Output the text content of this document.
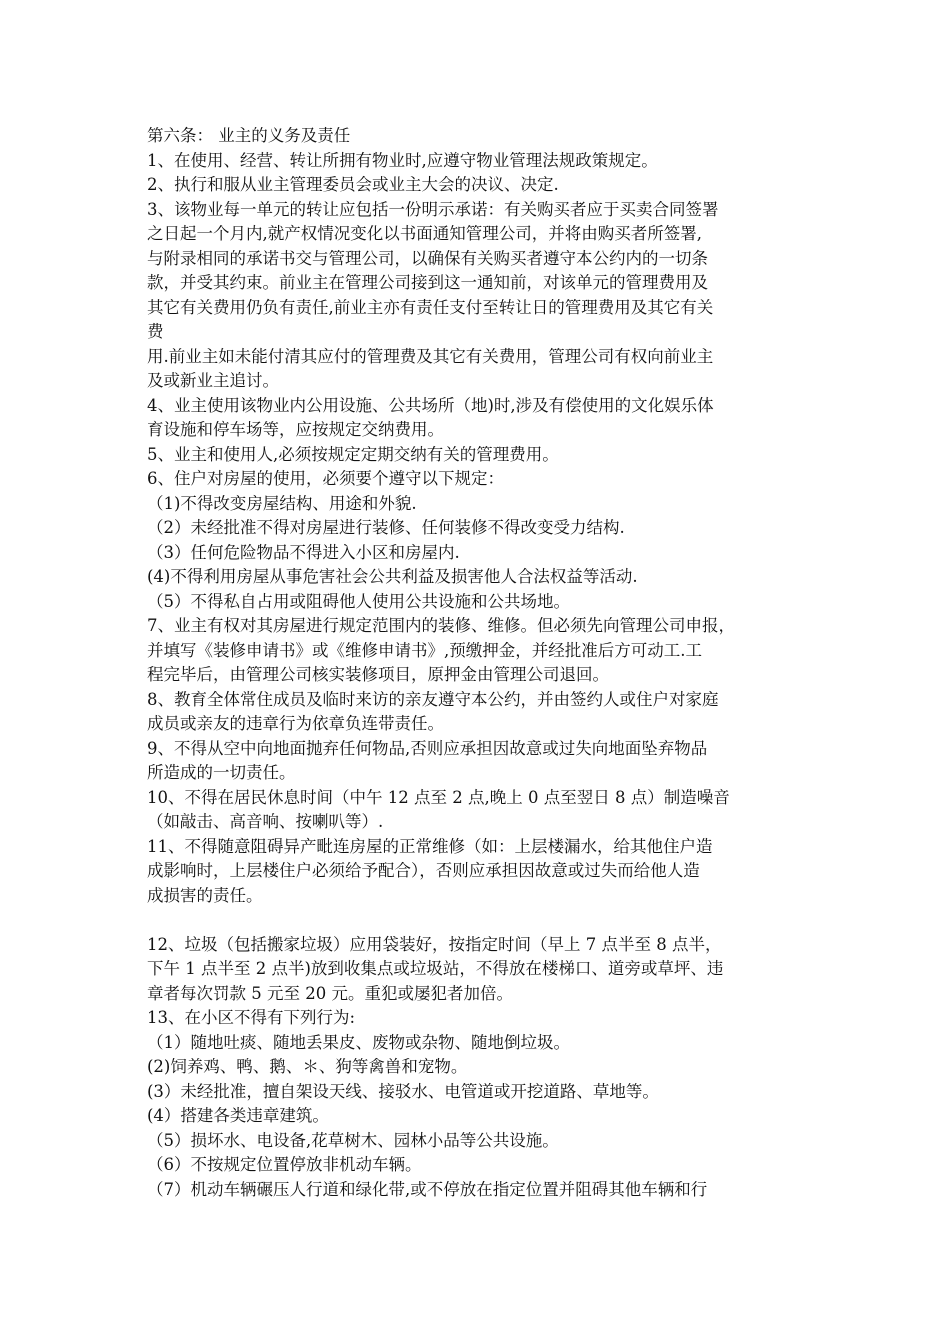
第六条： 业主的义务及责任
1、在使用、经营、转让所拥有物业时,应遵守物业管理法规政策规定。
2、执行和服从业主管理委员会或业主大会的决议、决定.
3、该物业每一单元的转让应包括一份明示承诺：有关购买者应于买卖合同签署
之日起一个月内,就产权情况变化以书面通知管理公司，并将由购买者所签署,
与附录相同的承诺书交与管理公司，以确保有关购买者遵守本公约内的一切条
款，并受其约束。前业主在管理公司接到这一通知前，对该单元的管理费用及
其它有关费用仍负有责任,前业主亦有责任支付至转让日的管理费用及其它有关
费
用.前业主如未能付清其应付的管理费及其它有关费用，管理公司有权向前业主
及或新业主追讨。
4、业主使用该物业内公用设施、公共场所（地)时,涉及有偿使用的文化娱乐体
育设施和停车场等，应按规定交纳费用。
5、业主和使用人,必须按规定定期交纳有关的管理费用。
6、住户对房屋的使用，必须要个遵守以下规定：
（1)不得改变房屋结构、用途和外貌.
（2）未经批准不得对房屋进行装修、任何装修不得改变受力结构.
（3）任何危险物品不得进入小区和房屋内.
(4)不得利用房屋从事危害社会公共利益及损害他人合法权益等活动.
（5）不得私自占用或阻碍他人使用公共设施和公共场地。
7、业主有权对其房屋进行规定范围内的装修、维修。但必须先向管理公司申报，
并填写《装修申请书》或《维修申请书》,预缴押金，并经批准后方可动工.工
程完毕后，由管理公司核实装修项目，原押金由管理公司退回。
8、教育全体常住成员及临时来访的亲友遵守本公约，并由签约人或住户对家庭
成员或亲友的违章行为依章负连带责任。
9、不得从空中向地面抛弃任何物品,否则应承担因故意或过失向地面坠弃物品
所造成的一切责任。
10、不得在居民休息时间（中午 12 点至 2 点,晚上 0 点至翌日 8 点）制造噪音
（如敲击、高音响、按喇叭等）.
11、不得随意阻碍异产毗连房屋的正常维修（如：上层楼漏水，给其他住户造
成影响时，上层楼住户必须给予配合），否则应承担因故意或过失而给他人造
成损害的责任。
12、垃圾（包括搬家垃圾）应用袋装好，按指定时间（早上 7 点半至 8 点半，
下午 1 点半至 2 点半)放到收集点或垃圾站，不得放在楼梯口、道旁或草坪、违
章者每次罚款 5 元至 20 元。重犯或屡犯者加倍。
13、在小区不得有下列行为:
（1）随地吐痰、随地丢果皮、废物或杂物、随地倒垃圾。
(2)饲养鸡、鸭、鹅、＊、狗等禽兽和宠物。
(3）未经批准，擅自架设天线、接驳水、电管道或开挖道路、草地等。
(4）搭建各类违章建筑。
（5）损坏水、电设备,花草树木、园林小品等公共设施。
（6）不按规定位置停放非机动车辆。
（7）机动车辆碾压人行道和绿化带,或不停放在指定位置并阻碍其他车辆和行
